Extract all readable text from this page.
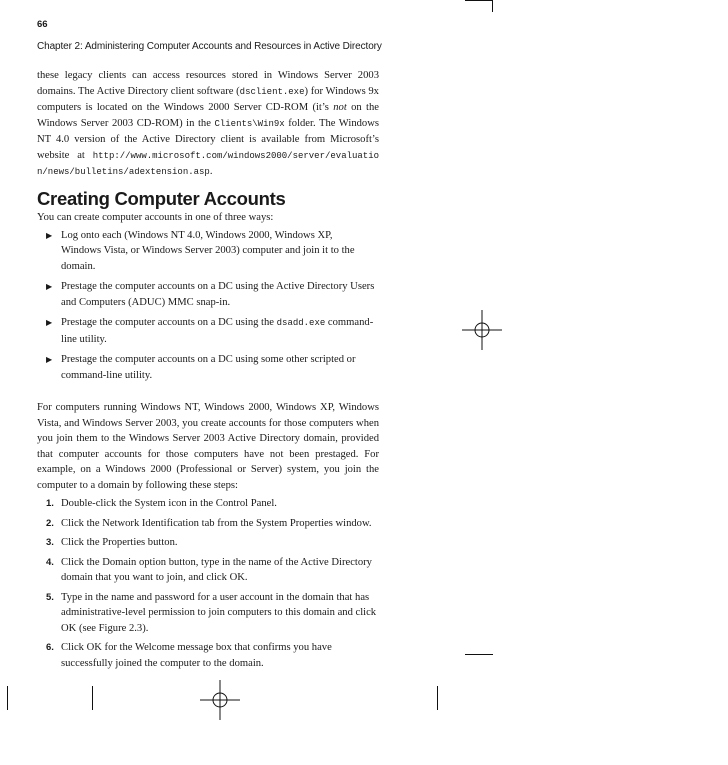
66
Chapter 2: Administering Computer Accounts and Resources in Active Directory

these legacy clients can access resources stored in Windows Server 2003 domains. The Active Directory client software (dsclient.exe) for Windows 9x computers is located on the Windows 2000 Server CD-ROM (it’s not on the Windows Server 2003 CD-ROM) in the Clients\Win9x folder. The Windows NT 4.0 version of the Active Directory client is available from Microsoft’s website at http://www.microsoft.com/windows2000/server/evaluation/news/bulletins/adextension.asp.

Creating Computer Accounts

You can create computer accounts in one of three ways:

▶ Log onto each (Windows NT 4.0, Windows 2000, Windows XP, Windows Vista, or Windows Server 2003) computer and join it to the domain.
▶ Prestage the computer accounts on a DC using the Active Directory Users and Computers (ADUC) MMC snap-in.
▶ Prestage the computer accounts on a DC using the dsadd.exe command-line utility.
▶ Prestage the computer accounts on a DC using some other scripted or command-line utility.

For computers running Windows NT, Windows 2000, Windows XP, Windows Vista, and Windows Server 2003, you create accounts for those computers when you join them to the Windows Server 2003 Active Directory domain, provided that computer accounts for those computers have not been prestaged. For example, on a Windows 2000 (Professional or Server) system, you join the computer to a domain by following these steps:

1. Double-click the System icon in the Control Panel.
2. Click the Network Identification tab from the System Properties window.
3. Click the Properties button.
4. Click the Domain option button, type in the name of the Active Directory domain that you want to join, and click OK.
5. Type in the name and password for a user account in the domain that has administrative-level permission to join computers to this domain and click OK (see Figure 2.3).
6. Click OK for the Welcome message box that confirms you have successfully joined the computer to the domain.
